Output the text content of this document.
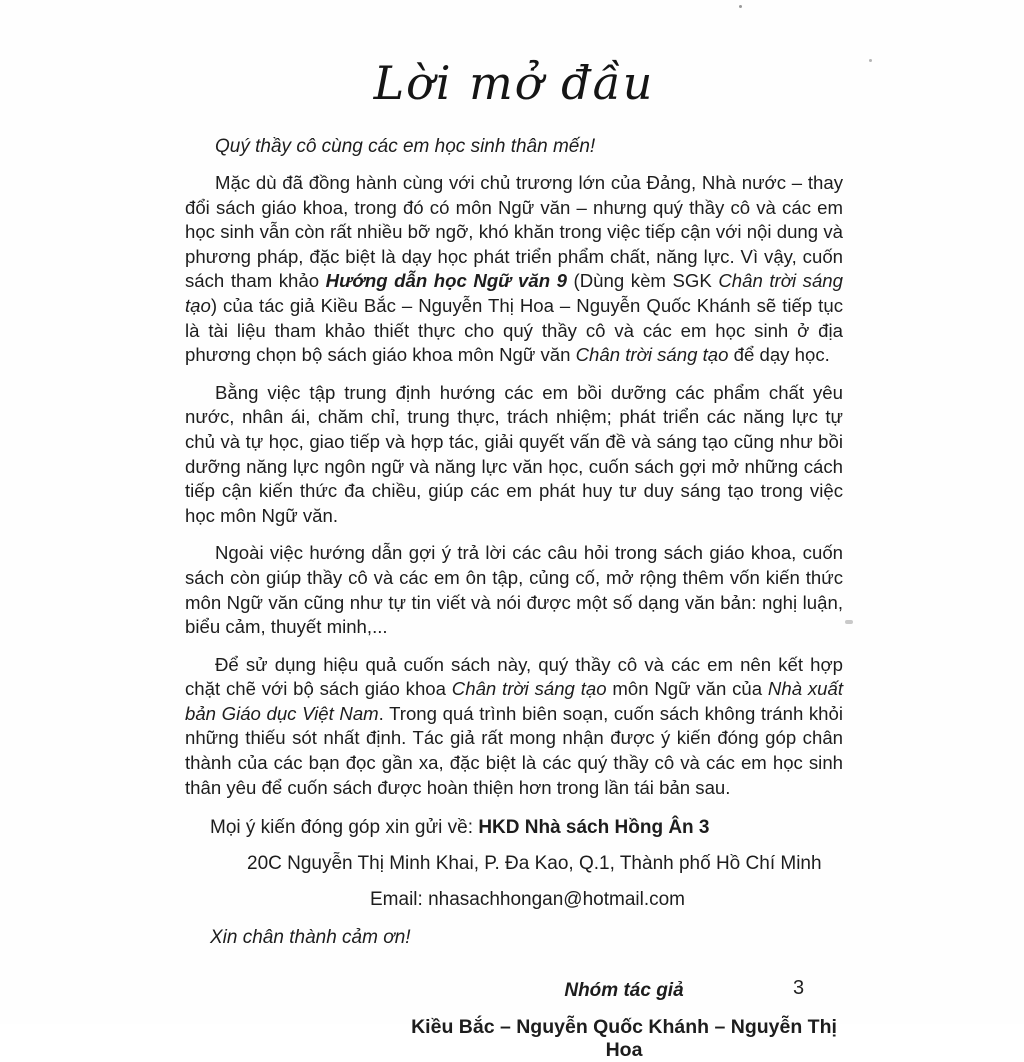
Lời mở đầu
Quý thầy cô cùng các em học sinh thân mến!

Mặc dù đã đồng hành cùng với chủ trương lớn của Đảng, Nhà nước – thay đổi sách giáo khoa, trong đó có môn Ngữ văn – nhưng quý thầy cô và các em học sinh vẫn còn rất nhiều bỡ ngỡ, khó khăn trong việc tiếp cận với nội dung và phương pháp, đặc biệt là dạy học phát triển phẩm chất, năng lực. Vì vậy, cuốn sách tham khảo Hướng dẫn học Ngữ văn 9 (Dùng kèm SGK Chân trời sáng tạo) của tác giả Kiều Bắc – Nguyễn Thị Hoa – Nguyễn Quốc Khánh sẽ tiếp tục là tài liệu tham khảo thiết thực cho quý thầy cô và các em học sinh ở địa phương chọn bộ sách giáo khoa môn Ngữ văn Chân trời sáng tạo để dạy học.

Bằng việc tập trung định hướng các em bồi dưỡng các phẩm chất yêu nước, nhân ái, chăm chỉ, trung thực, trách nhiệm; phát triển các năng lực tự chủ và tự học, giao tiếp và hợp tác, giải quyết vấn đề và sáng tạo cũng như bồi dưỡng năng lực ngôn ngữ và năng lực văn học, cuốn sách gợi mở những cách tiếp cận kiến thức đa chiều, giúp các em phát huy tư duy sáng tạo trong việc học môn Ngữ văn.

Ngoài việc hướng dẫn gợi ý trả lời các câu hỏi trong sách giáo khoa, cuốn sách còn giúp thầy cô và các em ôn tập, củng cố, mở rộng thêm vốn kiến thức môn Ngữ văn cũng như tự tin viết và nói được một số dạng văn bản: nghị luận, biểu cảm, thuyết minh,...

Để sử dụng hiệu quả cuốn sách này, quý thầy cô và các em nên kết hợp chặt chẽ với bộ sách giáo khoa Chân trời sáng tạo môn Ngữ văn của Nhà xuất bản Giáo dục Việt Nam. Trong quá trình biên soạn, cuốn sách không tránh khỏi những thiếu sót nhất định. Tác giả rất mong nhận được ý kiến đóng góp chân thành của các bạn đọc gần xa, đặc biệt là các quý thầy cô và các em học sinh thân yêu để cuốn sách được hoàn thiện hơn trong lần tái bản sau.

Mọi ý kiến đóng góp xin gửi về: HKD Nhà sách Hồng Ân 3
20C Nguyễn Thị Minh Khai, P. Đa Kao, Q.1, Thành phố Hồ Chí Minh
Email: nhasachhongan@hotmail.com
Xin chân thành cảm ơn!
Nhóm tác giả
Kiều Bắc – Nguyễn Quốc Khánh – Nguyễn Thị Hoa
3
